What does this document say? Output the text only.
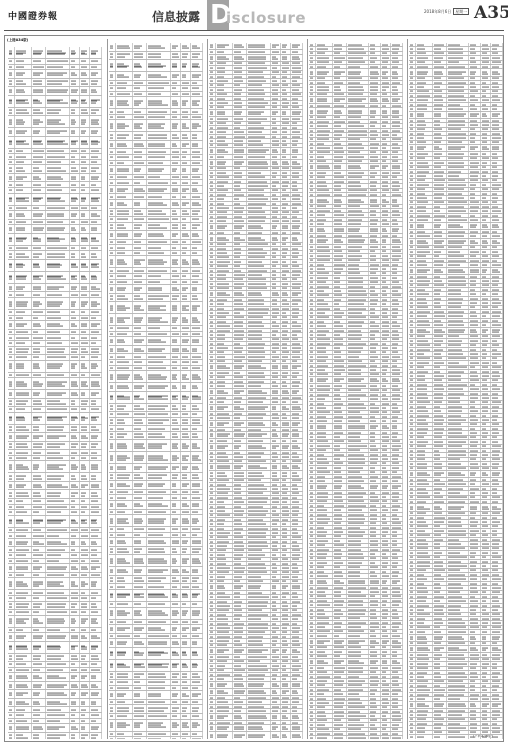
中國證券報	信息披露 D
isclosure	2018年8月6日 星期一 A35
(上接A34版)
